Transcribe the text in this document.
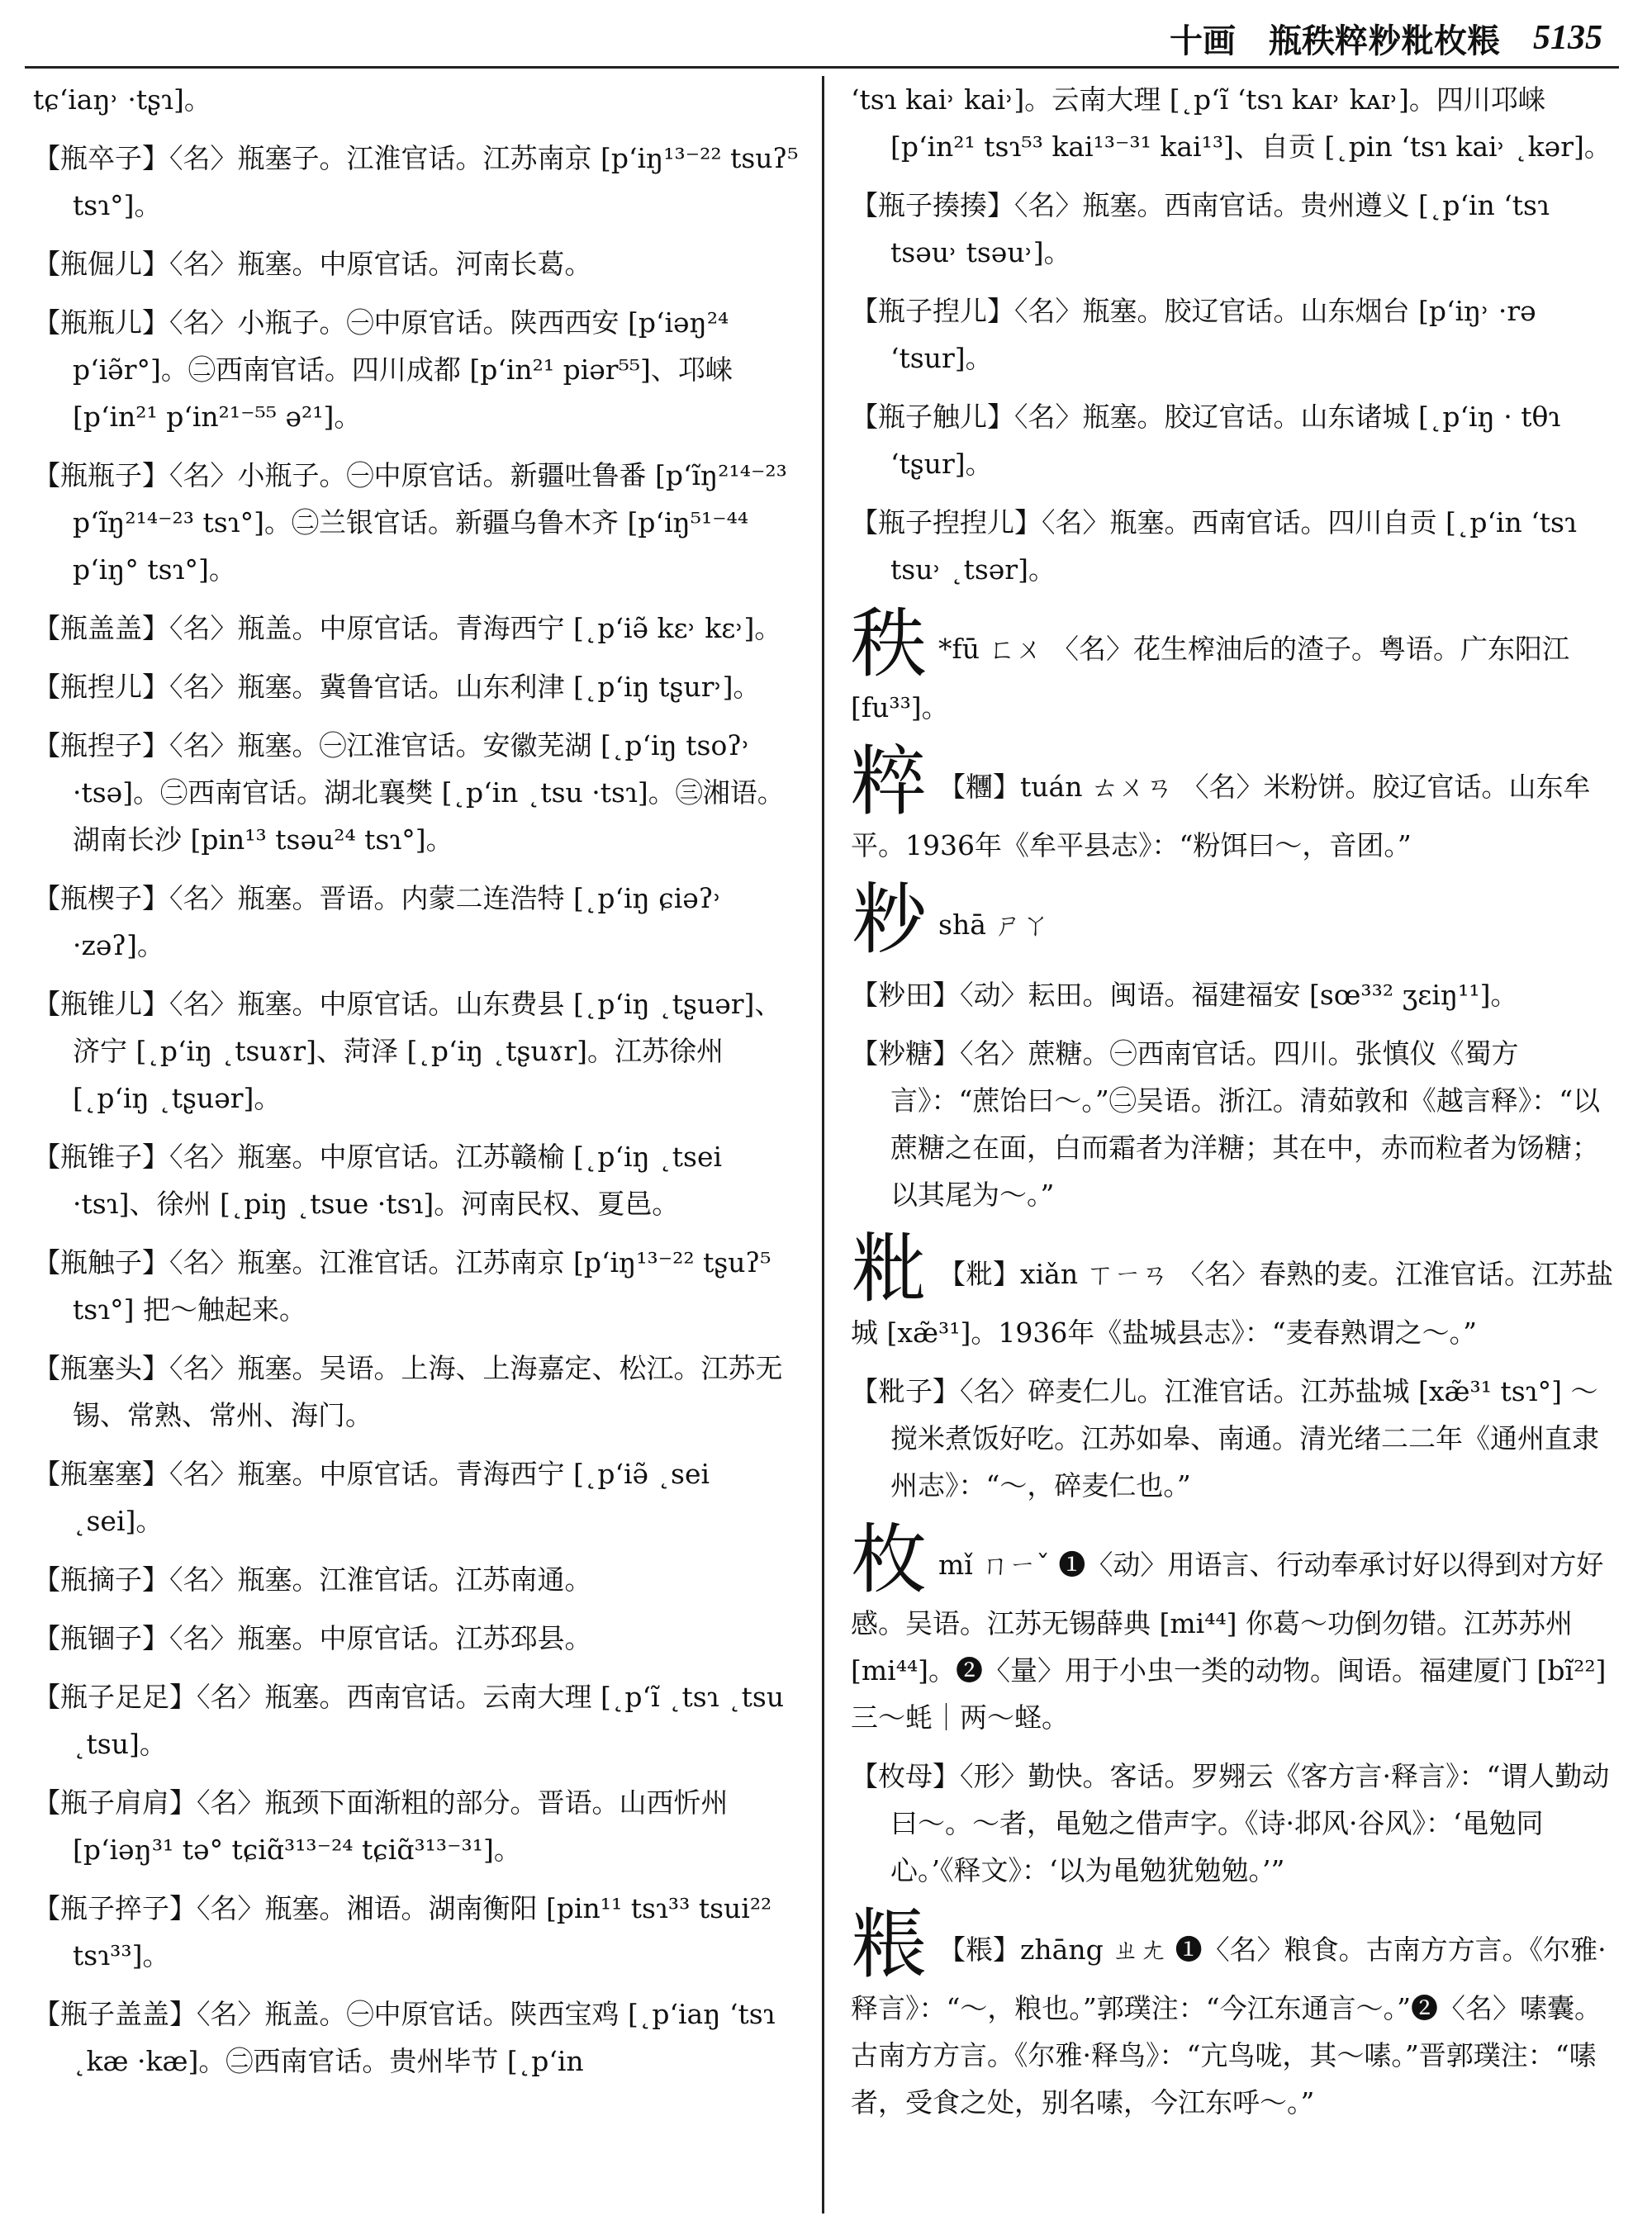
十画 瓶秩粹粆粃枚粻 5135

tɕʻiaŋ˒ ·tʂɿ]。

【瓶卒子】〈名〉瓶塞子。江淮官话。江苏南京 [pʻiŋ¹³⁻²² tsuʔ⁵ tsɿ°]。

【瓶倔儿】〈名〉瓶塞。中原官话。河南长葛。

【瓶瓶儿】〈名〉小瓶子。㊀中原官话。陕西西安 [pʻiəŋ²⁴ pʻiə̃r°]。㊁西南官话。四川成都 [pʻin²¹ piər⁵⁵]、邛崃 [pʻin²¹ pʻin²¹⁻⁵⁵ ə²¹]。

【瓶瓶子】〈名〉小瓶子。㊀中原官话。新疆吐鲁番 [pʻĩŋ²¹⁴⁻²³ pʻĩŋ²¹⁴⁻²³ tsɿ°]。㊁兰银官话。新疆乌鲁木齐 [pʻiŋ⁵¹⁻⁴⁴ pʻiŋ° tsɿ°]。

【瓶盖盖】〈名〉瓶盖。中原官话。青海西宁 [˛pʻiə̃ kɛ˒ kɛ˒]。

【瓶揑儿】〈名〉瓶塞。冀鲁官话。山东利津 [˛pʻiŋ tʂur˒]。

【瓶揑子】〈名〉瓶塞。㊀江淮官话。安徽芜湖 [˛pʻiŋ tsoʔ˒ ·tsə]。㊁西南官话。湖北襄樊 [˛pʻin ˛tsu ·tsɿ]。㊂湘语。湖南长沙 [pin¹³ tsəu²⁴ tsɿ°]。

【瓶楔子】〈名〉瓶塞。晋语。内蒙二连浩特 [˛pʻiŋ ɕiəʔ˒ ·zəʔ]。

【瓶锥儿】〈名〉瓶塞。中原官话。山东费县 [˛pʻiŋ ˛tʂuər]、济宁 [˛pʻiŋ ˛tsuɤr]、菏泽 [˛pʻiŋ ˛tʂuɤr]。江苏徐州 [˛pʻiŋ ˛tʂuər]。

【瓶锥子】〈名〉瓶塞。中原官话。江苏赣榆 [˛pʻiŋ ˛tsei ·tsɿ]、徐州 [˛piŋ ˛tsue ·tsɿ]。河南民权、夏邑。

【瓶触子】〈名〉瓶塞。江淮官话。江苏南京 [pʻiŋ¹³⁻²² tʂuʔ⁵ tsɿ°] 把～触起来。

【瓶塞头】〈名〉瓶塞。吴语。上海、上海嘉定、松江。江苏无锡、常熟、常州、海门。

【瓶塞塞】〈名〉瓶塞。中原官话。青海西宁 [˛pʻiə̃ ˛sei ˛sei]。

【瓶摘子】〈名〉瓶塞。江淮官话。江苏南通。

【瓶锢子】〈名〉瓶塞。中原官话。江苏邳县。

【瓶子足足】〈名〉瓶塞。西南官话。云南大理 [˛pʻĩ ˛tsɿ ˛tsu ˛tsu]。

【瓶子肩肩】〈名〉瓶颈下面渐粗的部分。晋语。山西忻州 [pʻiəŋ³¹ tə° tɕiɑ̃³¹³⁻²⁴ tɕiɑ̃³¹³⁻³¹]。

【瓶子捽子】〈名〉瓶塞。湘语。湖南衡阳 [pin¹¹ tsɿ³³ tsui²² tsɿ³³]。

【瓶子盖盖】〈名〉瓶盖。㊀中原官话。陕西宝鸡 [˛pʻiaŋ ʻtsɿ ˛kæ ·kæ]。㊁西南官话。贵州毕节 [˛pʻin

ʻtsɿ kai˒ kai˒]。云南大理 [˛pʻĩ ʻtsɿ kᴀɪ˒ kᴀɪ˒]。四川邛崃 [pʻin²¹ tsɿ⁵³ kai¹³⁻³¹ kai¹³]、自贡 [˛pin ʻtsɿ kai˒ ˛kər]。

【瓶子揍揍】〈名〉瓶塞。西南官话。贵州遵义 [˛pʻin ʻtsɿ tsəu˒ tsəu˒]。

【瓶子揑儿】〈名〉瓶塞。胶辽官话。山东烟台 [pʻiŋ˒ ·rə ʻtsur]。

【瓶子触儿】〈名〉瓶塞。胶辽官话。山东诸城 [˛pʻiŋ · tθɿ ʻtʂur]。

【瓶子揑揑儿】〈名〉瓶塞。西南官话。四川自贡 [˛pʻin ʻtsɿ tsu˒ ˛tsər]。

秩 *fū ㄈㄨ 〈名〉花生榨油后的渣子。粤语。广东阳江 [fu³³]。

粹 【糰】tuán ㄊㄨㄢ 〈名〉米粉饼。胶辽官话。山东牟平。1936年《牟平县志》：“粉饵曰～，音团。”

粆shā ㄕㄚ

【粆田】〈动〉耘田。闽语。福建福安 [sœ³³² ʒɛiŋ¹¹]。

【粆糖】〈名〉蔗糖。㊀西南官话。四川。张慎仪《蜀方言》：“蔗饴曰～。”㊁吴语。浙江。清茹敦和《越言释》：“以蔗糖之在面，白而霜者为洋糖；其在中，赤而粒者为饧糖；以其尾为～。”

粃 【粃】xiǎn ㄒㄧㄢ 〈名〉春熟的麦。江淮官话。江苏盐城 [xæ̃³¹]。1936年《盐城县志》：“麦春熟谓之～。”

【粃子】〈名〉碎麦仁儿。江淮官话。江苏盐城 [xæ̃³¹ tsɿ°] ～搅米煮饭好吃。江苏如皋、南通。清光绪二二年《通州直隶州志》：“～，碎麦仁也。”

枚mǐ ㄇㄧˇ ❶〈动〉用语言、行动奉承讨好以得到对方好感。吴语。江苏无锡薛典 [mi⁴⁴] 你葛～功倒勿错。江苏苏州 [mi⁴⁴]。❷〈量〉用于小虫一类的动物。闽语。福建厦门 [bĩ²²] 三～蚝｜两～蛏。

【枚母】〈形〉勤快。客话。罗翙云《客方言·释言》：“谓人勤动曰～。～者，黾勉之借声字。《诗·邶风·谷风》：‘黾勉同心。’《释文》：‘以为黾勉犹勉勉。’”

粻 【粻】zhāng ㄓㄤ ❶〈名〉粮食。古南方方言。《尔雅·释言》：“～，粮也。”郭璞注：“今江东通言～。”❷〈名〉嗉囊。古南方方言。《尔雅·释鸟》：“亢鸟咙，其～嗉。”晋郭璞注：“嗉者，受食之处，别名嗉，今江东呼～。”
